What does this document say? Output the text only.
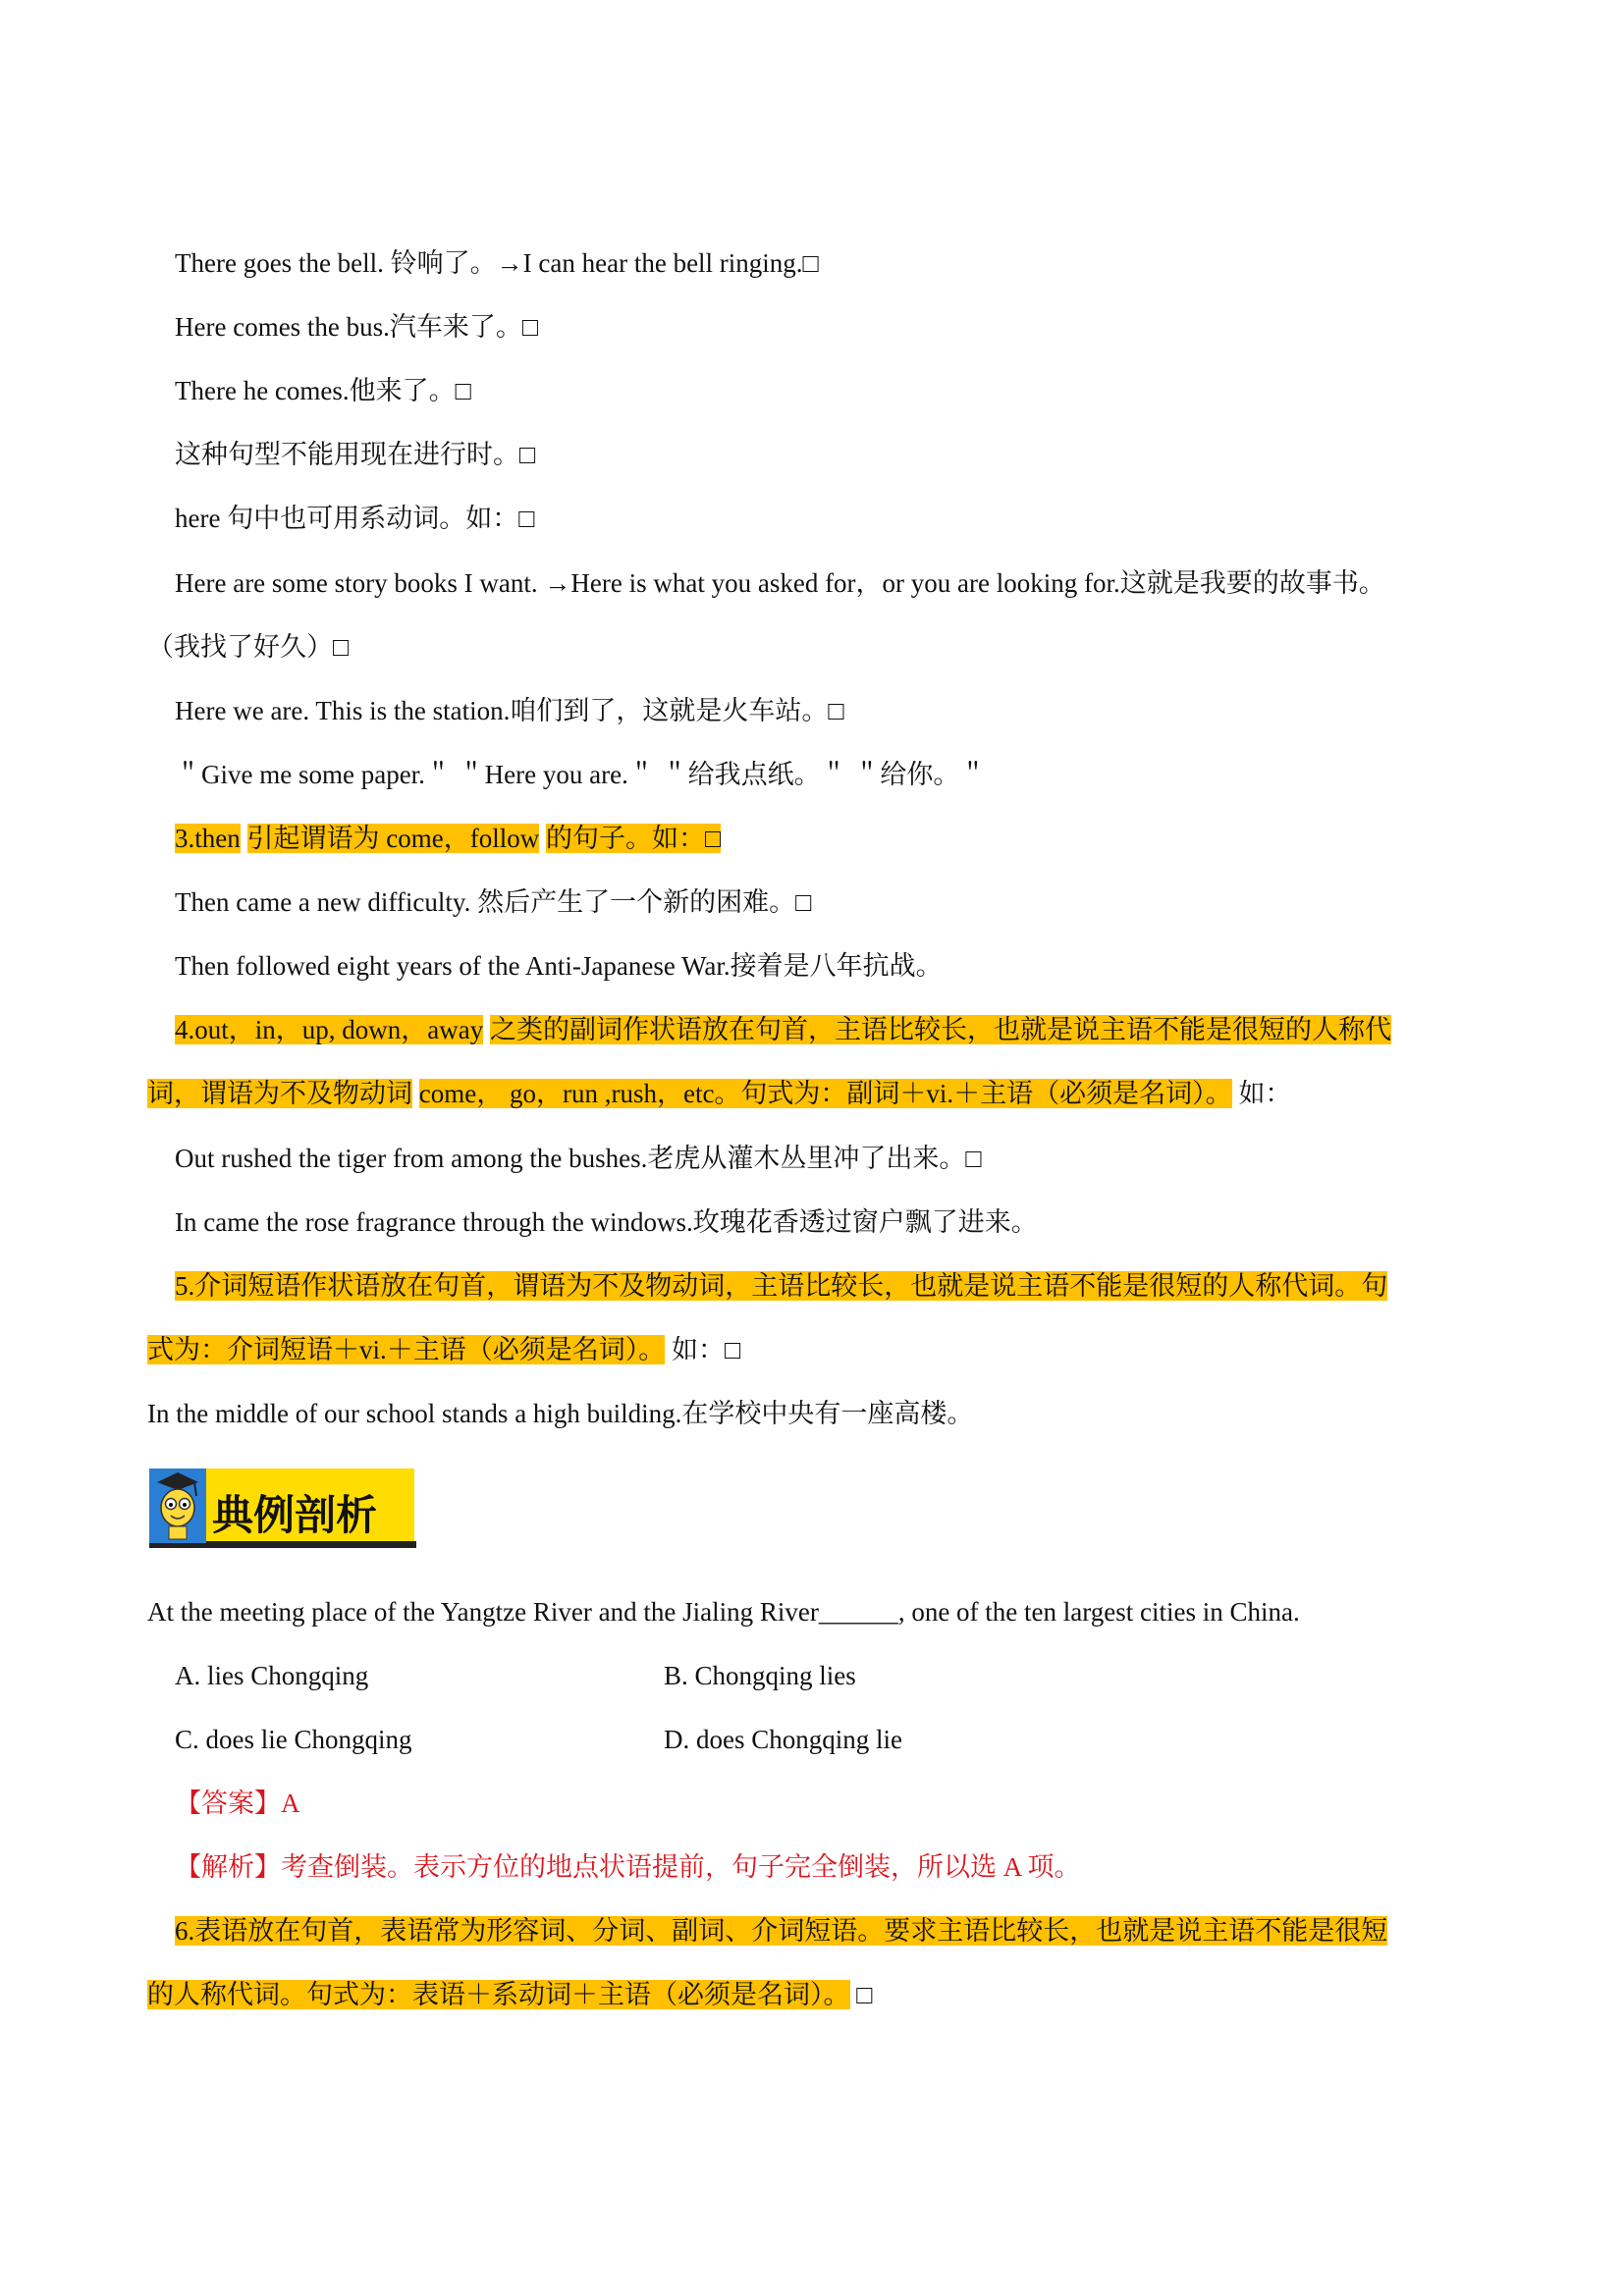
There goes the bell. 铃响了。→I can hear the bell ringing.□
Here comes the bus.汽车来了。□
There he comes.他来了。□
这种句型不能用现在进行时。□
here 句中也可用系动词。如：□
Here are some story books I want. →Here is what you asked for，or you are looking for.这就是我要的故事书。
（我找了好久）□
Here we are. This is the station.咱们到了，这就是火车站。□
＂Give me some paper.＂ ＂Here you are.＂ ＂给我点纸。＂ ＂给你。＂
3.then 引起谓语为 come，follow 的句子。如：□
Then came a new difficulty. 然后产生了一个新的困难。□
Then followed eight years of the Anti-Japanese War.接着是八年抗战。
4.out，in，up, down，away 之类的副词作状语放在句首，主语比较长，也就是说主语不能是很短的人称代
词，谓语为不及物动词 come， go，run ,rush，etc。句式为：副词＋vi.＋主语（必须是名词）。 如：
Out rushed the tiger from among the bushes.老虎从灌木丛里冲了出来。□
In came the rose fragrance through the windows.玫瑰花香透过窗户飘了进来。
5.介词短语作状语放在句首，谓语为不及物动词，主语比较长，也就是说主语不能是很短的人称代词。句
式为：介词短语＋vi.＋主语（必须是名词）。 如：□
In the middle of our school stands a high building.在学校中央有一座高楼。
典例剖析
At the meeting place of the Yangtze River and the Jialing River______, one of the ten largest cities in China.
A. lies Chongqing	B. Chongqing lies
C. does lie Chongqing	D. does Chongqing lie
【答案】A
【解析】考查倒装。表示方位的地点状语提前，句子完全倒装，所以选 A 项。
6.表语放在句首，表语常为形容词、分词、副词、介词短语。要求主语比较长，也就是说主语不能是很短
的人称代词。句式为：表语＋系动词＋主语（必须是名词）。 □
